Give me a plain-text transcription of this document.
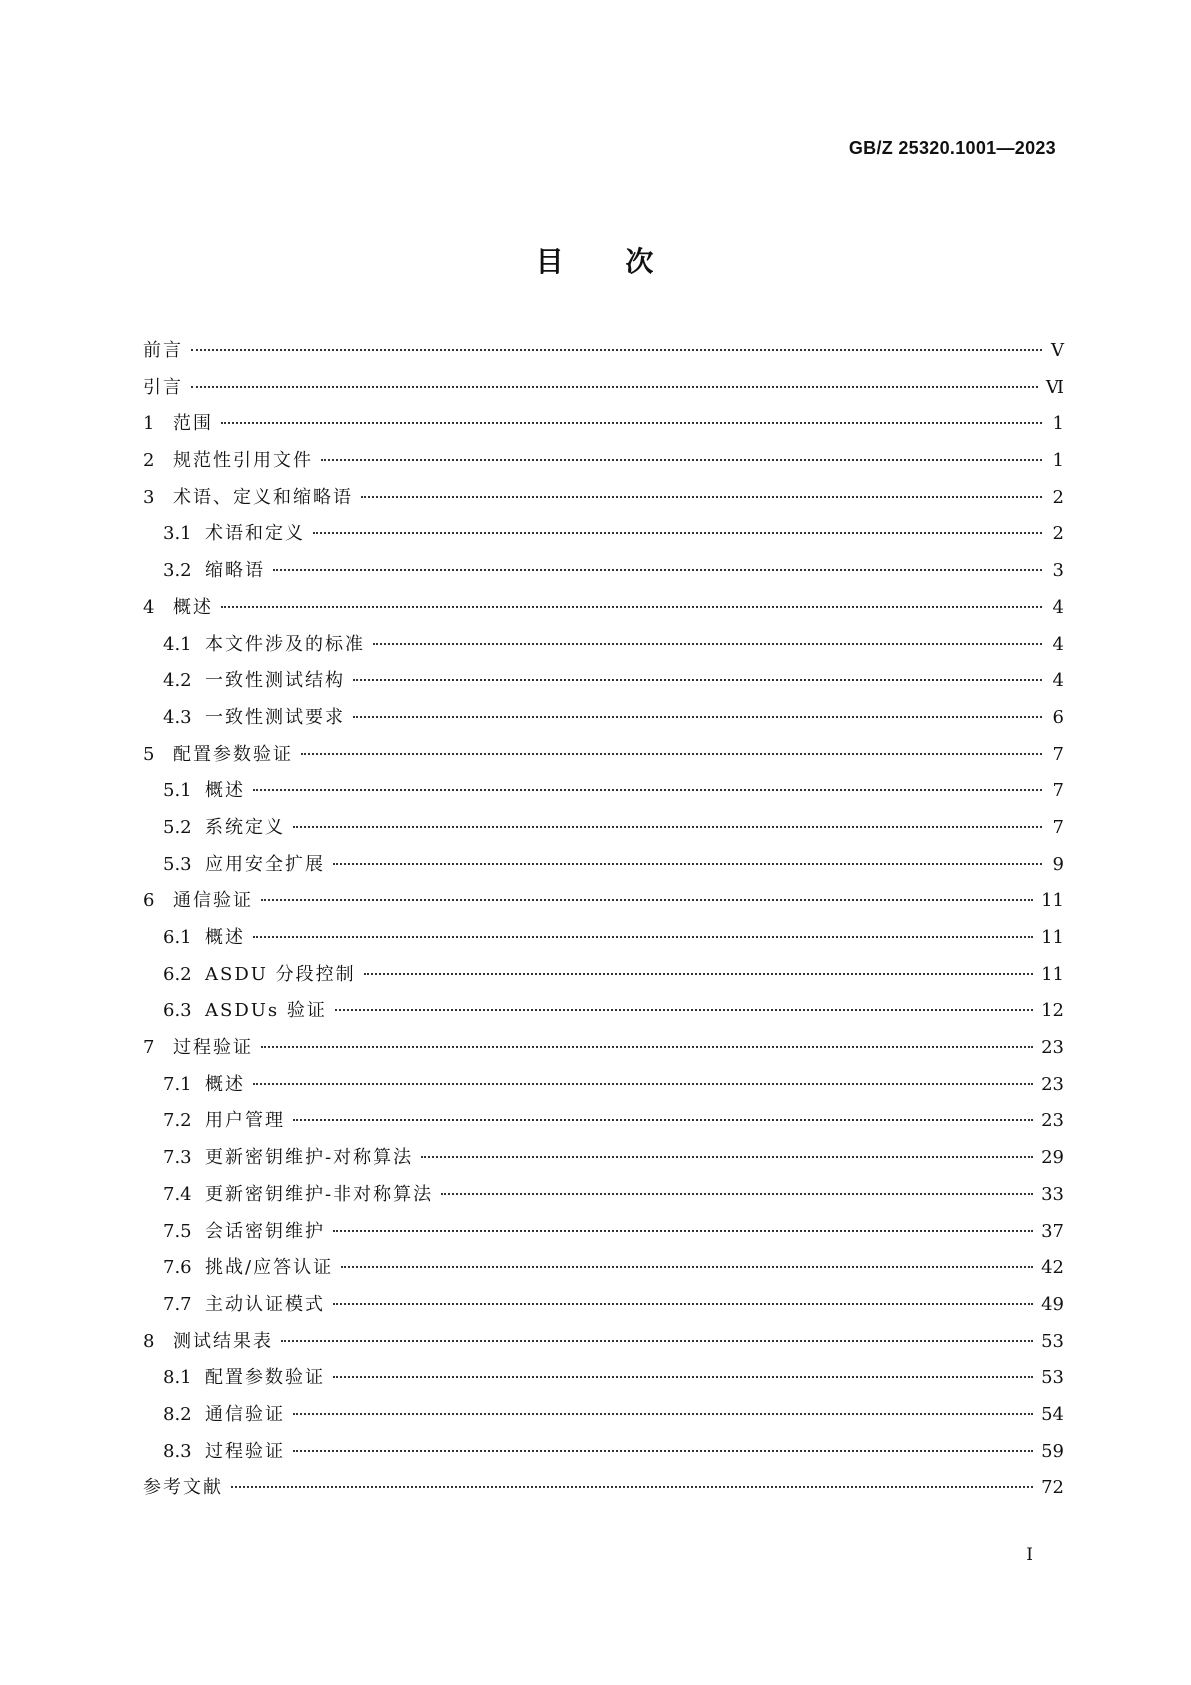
GB/Z 25320.1001—2023
目 次
前言	Ⅴ
引言	Ⅵ
1	范围	1
2	规范性引用文件	1
3	术语、定义和缩略语	2
3.1 术语和定义	2
3.2 缩略语	3
4	概述	4
4.1 本文件涉及的标准	4
4.2 一致性测试结构	4
4.3 一致性测试要求	6
5	配置参数验证	7
5.1 概述	7
5.2 系统定义	7
5.3 应用安全扩展	9
6	通信验证	11
6.1 概述	11
6.2 ASDU 分段控制	11
6.3 ASDUs 验证	12
7	过程验证	23
7.1 概述	23
7.2 用户管理	23
7.3 更新密钥维护-对称算法	29
7.4 更新密钥维护-非对称算法	33
7.5 会话密钥维护	37
7.6 挑战/应答认证	42
7.7 主动认证模式	49
8	测试结果表	53
8.1 配置参数验证	53
8.2 通信验证	54
8.3 过程验证	59
参考文献	72
Ⅰ
